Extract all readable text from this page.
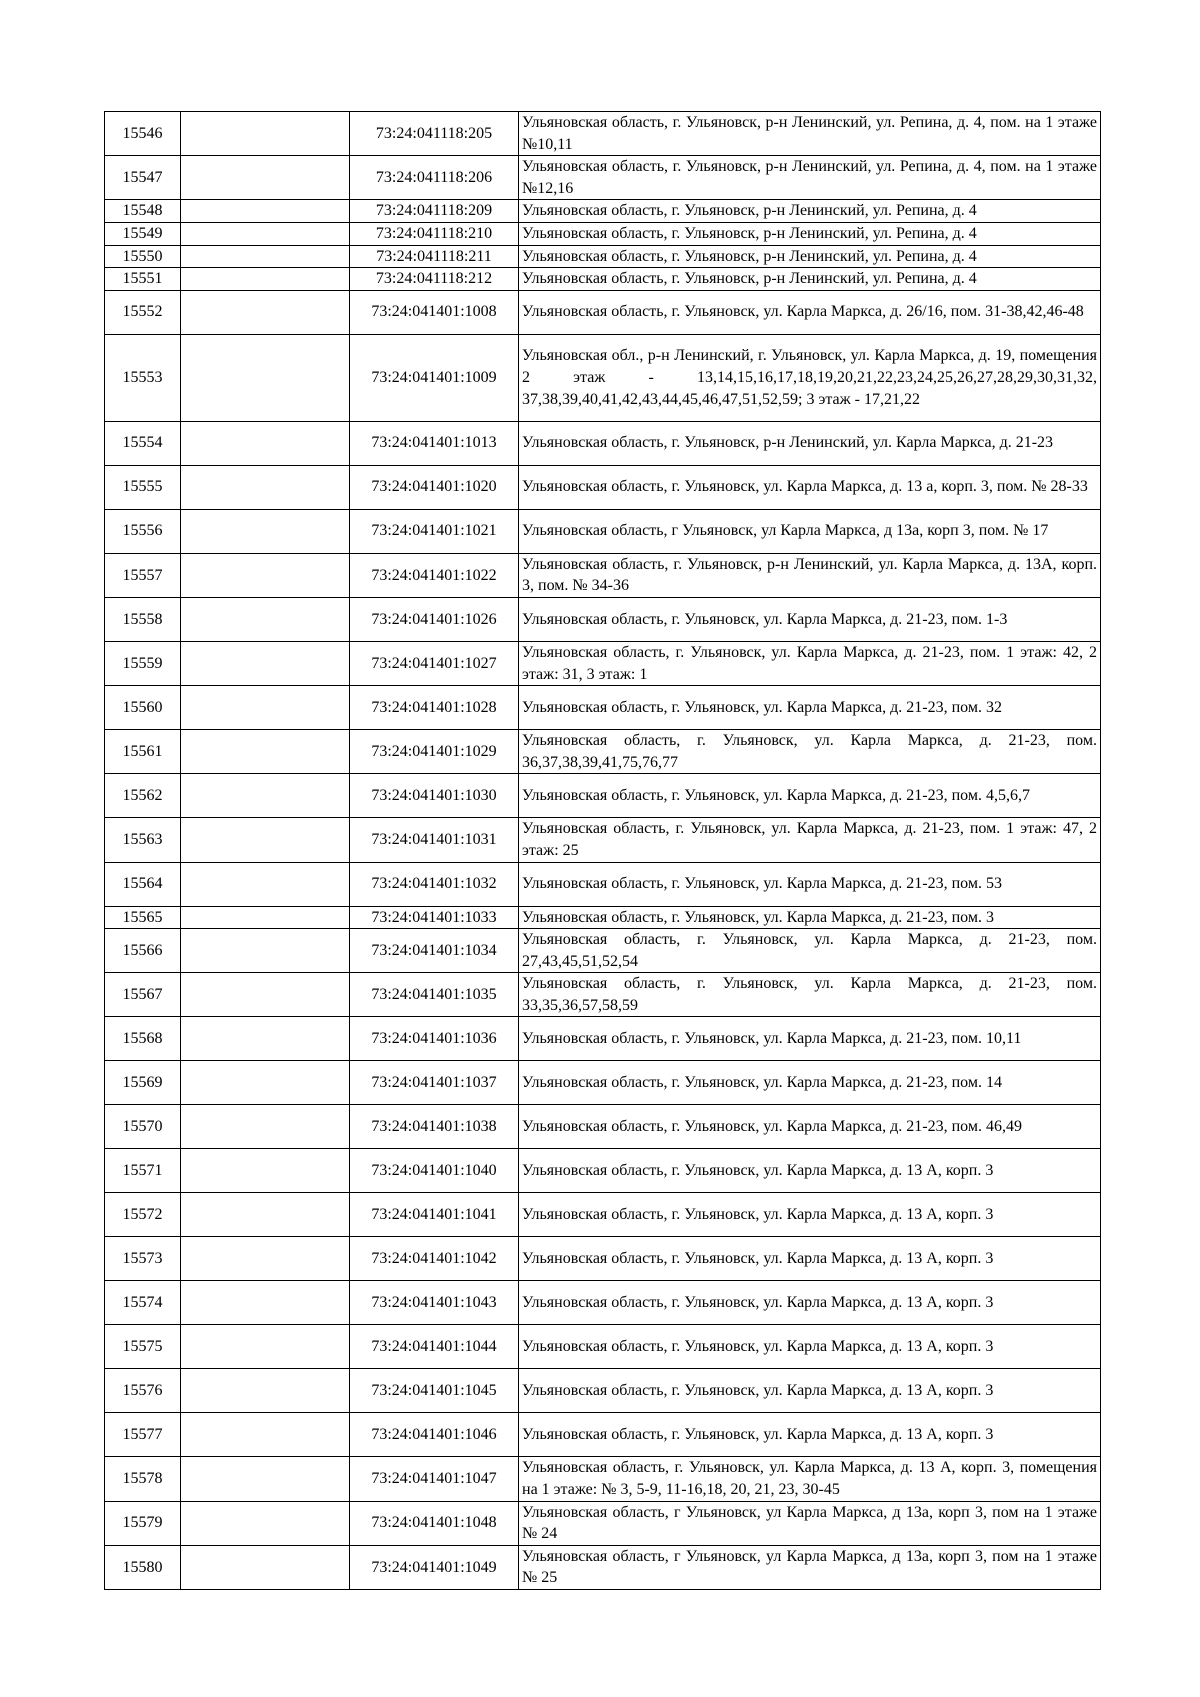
15546		73:24:041118:205	Ульяновская область, г. Ульяновск, р-н Ленинский, ул. Репина, д. 4, пом. на 1 этаже №10,11
15547		73:24:041118:206	Ульяновская область, г. Ульяновск, р-н Ленинский, ул. Репина, д. 4, пом. на 1 этаже №12,16
15548		73:24:041118:209	Ульяновская область, г. Ульяновск, р-н Ленинский, ул. Репина, д. 4
15549		73:24:041118:210	Ульяновская область, г. Ульяновск, р-н Ленинский, ул. Репина, д. 4
15550		73:24:041118:211	Ульяновская область, г. Ульяновск, р-н Ленинский, ул. Репина, д. 4
15551		73:24:041118:212	Ульяновская область, г. Ульяновск, р-н Ленинский, ул. Репина, д. 4
15552		73:24:041401:1008	Ульяновская область, г. Ульяновск, ул. Карла Маркса, д. 26/16, пом. 31-38,42,46-48
15553		73:24:041401:1009	Ульяновская обл., р-н Ленинский, г. Ульяновск, ул. Карла Маркса, д. 19, помещения 2 этаж - 13,14,15,16,17,18,19,20,21,22,23,24,25,26,27,28,29,30,31,32, 37,38,39,40,41,42,43,44,45,46,47,51,52,59; 3 этаж - 17,21,22
15554		73:24:041401:1013	Ульяновская область, г. Ульяновск, р-н Ленинский, ул. Карла Маркса, д. 21-23
15555		73:24:041401:1020	Ульяновская область, г. Ульяновск, ул. Карла Маркса, д. 13 а, корп. 3, пом. № 28-33
15556		73:24:041401:1021	Ульяновская область, г Ульяновск, ул Карла Маркса, д 13а, корп 3, пом. № 17
15557		73:24:041401:1022	Ульяновская область, г. Ульяновск, р-н Ленинский, ул. Карла Маркса, д. 13А, корп. 3, пом. № 34-36
15558		73:24:041401:1026	Ульяновская область, г. Ульяновск, ул. Карла Маркса, д. 21-23, пом. 1-3
15559		73:24:041401:1027	Ульяновская область, г. Ульяновск, ул. Карла Маркса, д. 21-23, пом. 1 этаж: 42, 2 этаж: 31, 3 этаж: 1
15560		73:24:041401:1028	Ульяновская область, г. Ульяновск, ул. Карла Маркса, д. 21-23, пом. 32
15561		73:24:041401:1029	Ульяновская область, г. Ульяновск, ул. Карла Маркса, д. 21-23, пом. 36,37,38,39,41,75,76,77
15562		73:24:041401:1030	Ульяновская область, г. Ульяновск, ул. Карла Маркса, д. 21-23, пом. 4,5,6,7
15563		73:24:041401:1031	Ульяновская область, г. Ульяновск, ул. Карла Маркса, д. 21-23, пом. 1 этаж: 47, 2 этаж: 25
15564		73:24:041401:1032	Ульяновская область, г. Ульяновск, ул. Карла Маркса, д. 21-23, пом. 53
15565		73:24:041401:1033	Ульяновская область, г. Ульяновск, ул. Карла Маркса, д. 21-23, пом. 3
15566		73:24:041401:1034	Ульяновская область, г. Ульяновск, ул. Карла Маркса, д. 21-23, пом. 27,43,45,51,52,54
15567		73:24:041401:1035	Ульяновская область, г. Ульяновск, ул. Карла Маркса, д. 21-23, пом. 33,35,36,57,58,59
15568		73:24:041401:1036	Ульяновская область, г. Ульяновск, ул. Карла Маркса, д. 21-23, пом. 10,11
15569		73:24:041401:1037	Ульяновская область, г. Ульяновск, ул. Карла Маркса, д. 21-23, пом. 14
15570		73:24:041401:1038	Ульяновская область, г. Ульяновск, ул. Карла Маркса, д. 21-23, пом. 46,49
15571		73:24:041401:1040	Ульяновская область, г. Ульяновск, ул. Карла Маркса, д. 13 А, корп. 3
15572		73:24:041401:1041	Ульяновская область, г. Ульяновск, ул. Карла Маркса, д. 13 А, корп. 3
15573		73:24:041401:1042	Ульяновская область, г. Ульяновск, ул. Карла Маркса, д. 13 А, корп. 3
15574		73:24:041401:1043	Ульяновская область, г. Ульяновск, ул. Карла Маркса, д. 13 А, корп. 3
15575		73:24:041401:1044	Ульяновская область, г. Ульяновск, ул. Карла Маркса, д. 13 А, корп. 3
15576		73:24:041401:1045	Ульяновская область, г. Ульяновск, ул. Карла Маркса, д. 13 А, корп. 3
15577		73:24:041401:1046	Ульяновская область, г. Ульяновск, ул. Карла Маркса, д. 13 А, корп. 3
15578		73:24:041401:1047	Ульяновская область, г. Ульяновск, ул. Карла Маркса, д. 13 А, корп. 3, помещения на 1 этаже: № 3, 5-9, 11-16,18, 20, 21, 23, 30-45
15579		73:24:041401:1048	Ульяновская область, г Ульяновск, ул Карла Маркса, д 13а, корп 3, пом на 1 этаже № 24
15580		73:24:041401:1049	Ульяновская область, г Ульяновск, ул Карла Маркса, д 13а, корп 3, пом на 1 этаже № 25
